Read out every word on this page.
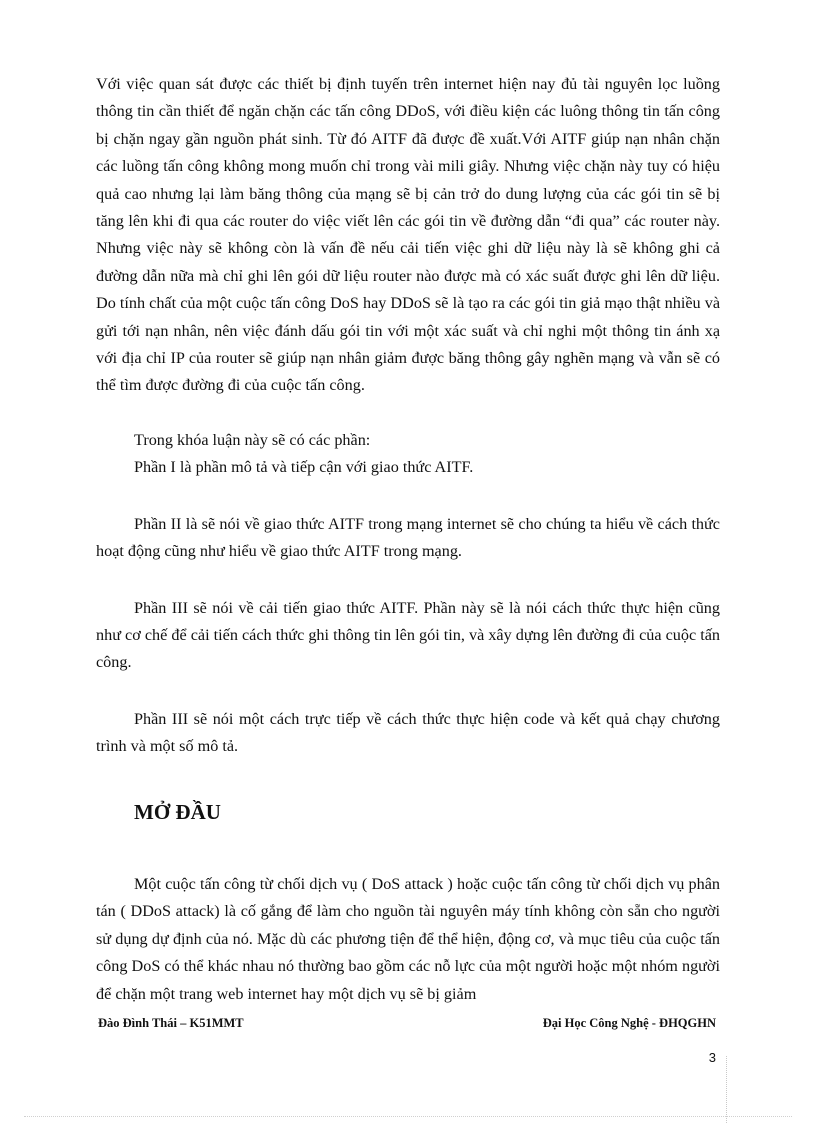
Với việc quan sát được các thiết bị định tuyến trên internet hiện nay đủ tài nguyên lọc luồng thông tin cần thiết để ngăn chặn các tấn công DDoS, với điều kiện các luông thông tin tấn công bị chặn ngay gần nguồn phát sinh. Từ đó AITF đã được đề xuất.Với AITF giúp nạn nhân chặn các luồng tấn công không mong muốn chỉ trong vài mili giây. Nhưng việc chặn này tuy có hiệu quả cao nhưng lại làm băng thông của mạng sẽ bị cản trở do dung lượng của các gói tin sẽ bị tăng lên khi đi qua các router do việc viết lên các gói tin về đường dẫn “đi qua” các router này. Nhưng việc này sẽ không còn là vấn đề nếu cải tiến việc ghi dữ liệu này là sẽ không ghi cả đường dẫn nữa mà chỉ ghi lên gói dữ liệu router nào được mà có xác suất được ghi lên dữ liệu. Do tính chất của một cuộc tấn công DoS hay DDoS sẽ là tạo ra các gói tin giả mạo thật nhiều và gửi tới nạn nhân, nên việc đánh dấu gói tin với một xác suất và chỉ nghi một thông tin ánh xạ với địa chỉ IP của router sẽ giúp nạn nhân giảm được băng thông gây nghẽn mạng và vẫn sẽ có thể tìm được đường đi của cuộc tấn công.

Trong khóa luận này sẽ có các phần:

Phần I là phần mô tả và tiếp cận với giao thức AITF.

Phần II là sẽ nói về giao thức AITF trong mạng internet sẽ cho chúng ta hiểu về cách thức hoạt động cũng như hiểu về giao thức AITF trong mạng.

Phần III sẽ nói về cải tiến giao thức AITF. Phần này sẽ là nói cách thức thực hiện cũng như cơ chế để cải tiến cách thức ghi thông tin lên gói tin, và xây dựng lên đường đi của cuộc tấn công.

Phần III sẽ nói một cách trực tiếp về cách thức thực hiện code và kết quả chạy chương trình và một số mô tả.

MỞ ĐẦU

Một cuộc tấn công từ chối dịch vụ ( DoS attack ) hoặc cuộc tấn công từ chối dịch vụ phân tán ( DDoS attack) là cố gắng để làm cho nguồn tài nguyên máy tính không còn sẵn cho người sử dụng dự định của nó. Mặc dù các phương tiện để thể hiện, động cơ, và mục tiêu của cuộc tấn công DoS có thể khác nhau nó thường bao gồm các nỗ lực của một người hoặc một nhóm người để chặn một trang web internet hay một dịch vụ sẽ bị giảm

Đào Đình Thái – K51MMT	Đại Học Công Nghệ - ĐHQGHN
3
